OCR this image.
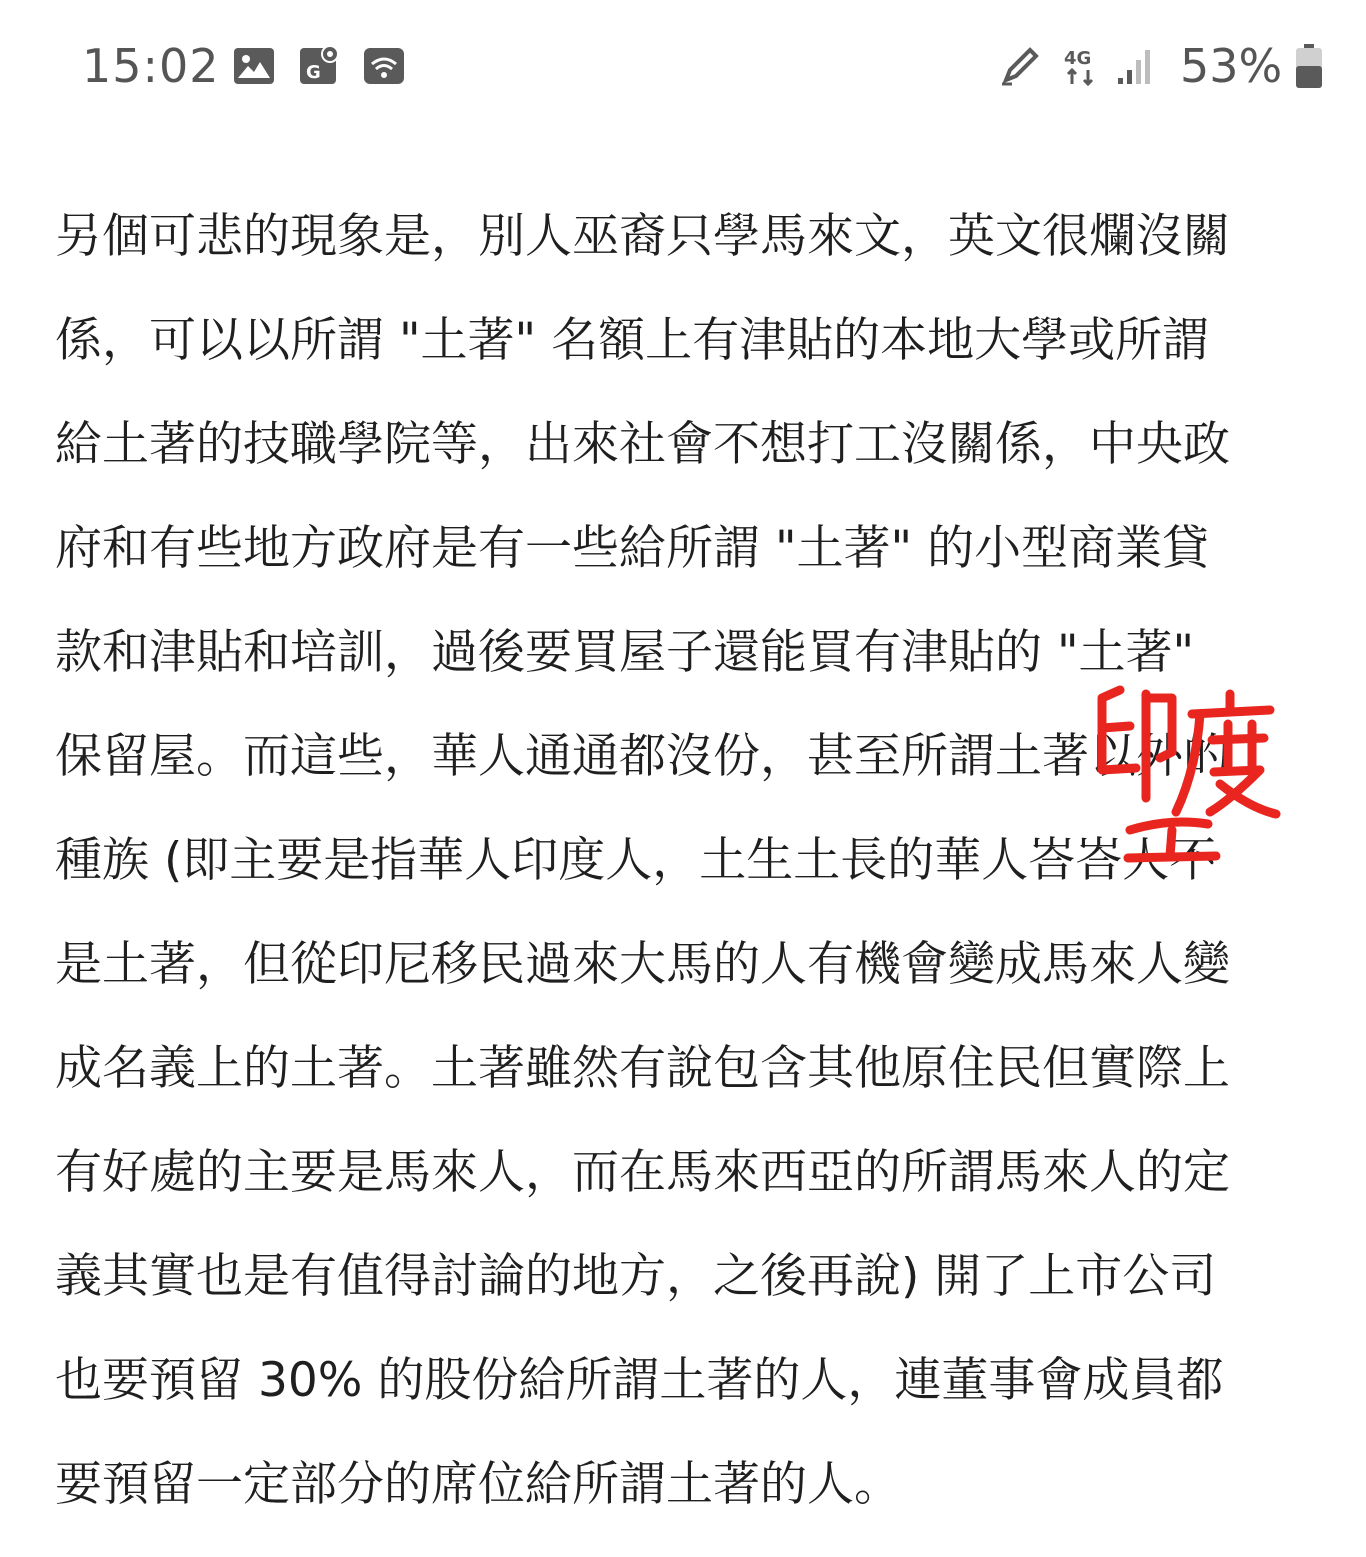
15:02	G
4G 53%
另個可悲的現象是，別人巫裔只學馬來文，英文很爛沒關
係，可以以所謂 "土著" 名額上有津貼的本地大學或所謂
給土著的技職學院等，出來社會不想打工沒關係，中央政
府和有些地方政府是有一些給所謂 "土著" 的小型商業貸
款和津貼和培訓，過後要買屋子還能買有津貼的 "土著"
保留屋。而這些，華人通通都沒份，甚至所謂土著以外的
種族 (即主要是指華人印度人，土生土長的華人峇峇人不
是土著，但從印尼移民過來大馬的人有機會變成馬來人變
成名義上的土著。土著雖然有說包含其他原住民但實際上
有好處的主要是馬來人，而在馬來西亞的所謂馬來人的定
義其實也是有值得討論的地方，之後再說) 開了上市公司
也要預留 30% 的股份給所謂土著的人，連董事會成員都
要預留一定部分的席位給所謂土著的人。
